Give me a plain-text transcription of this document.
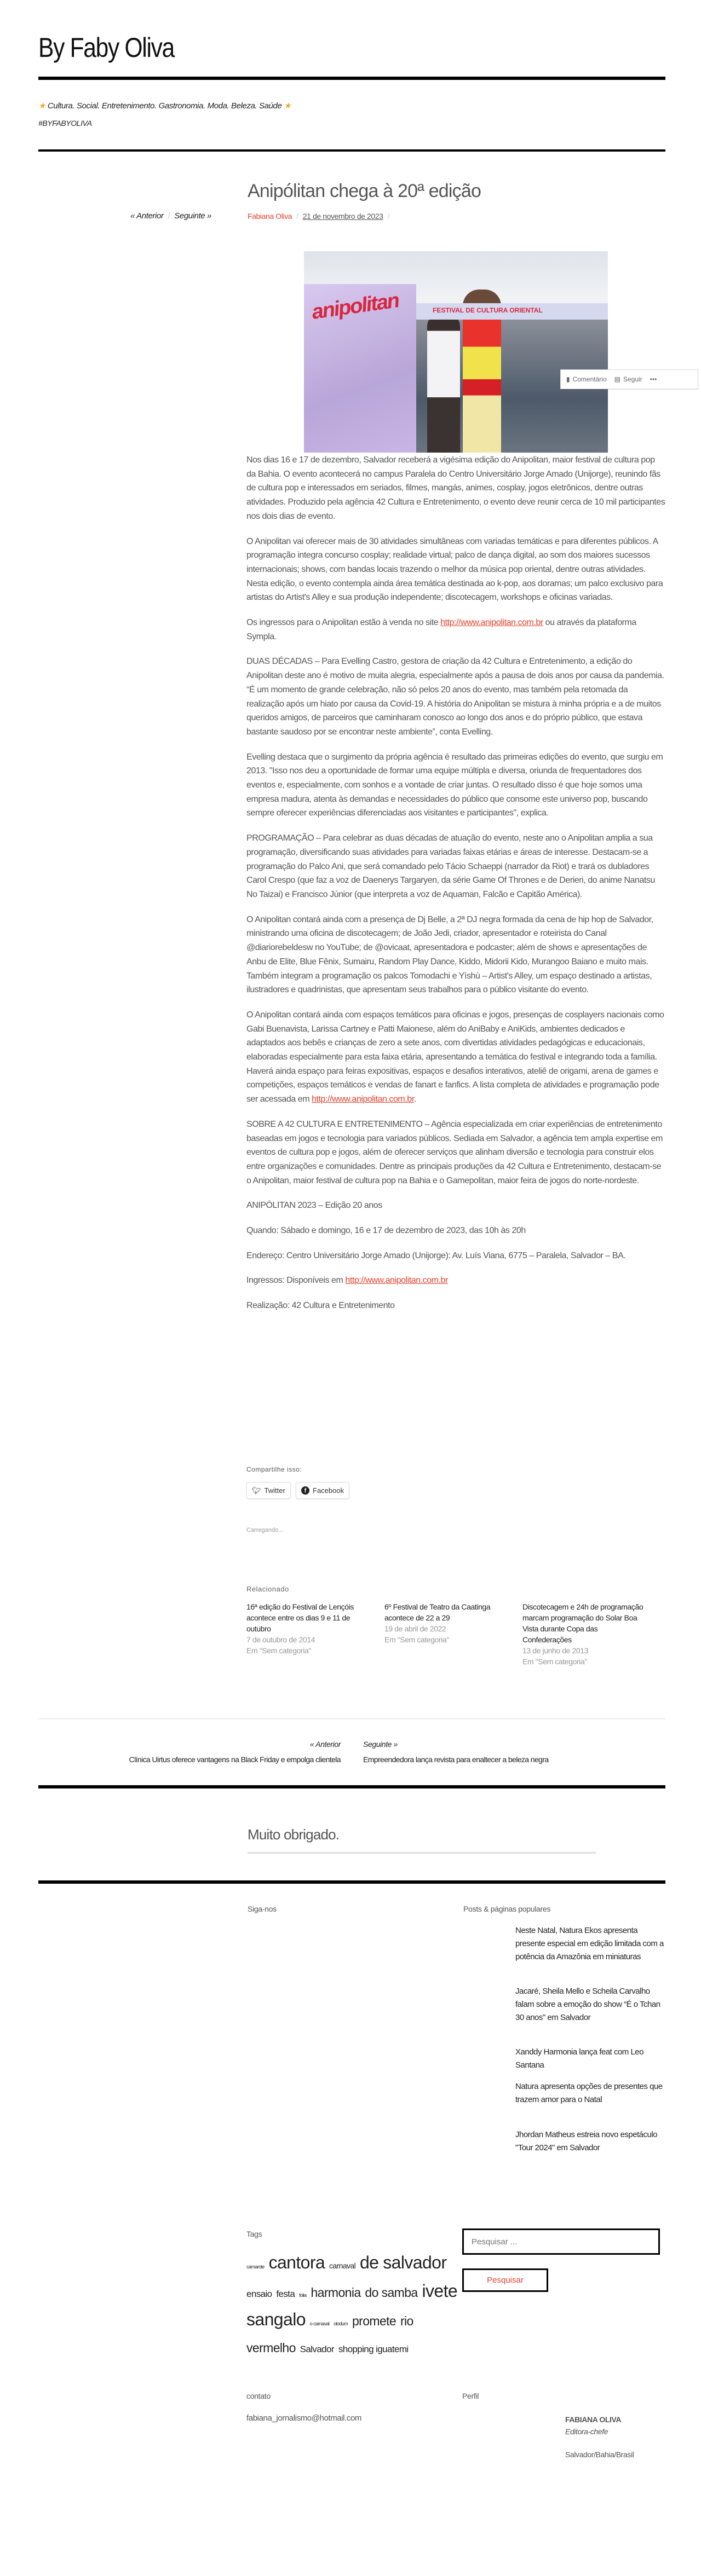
By Faby Oliva
★ Cultura. Social. Entretenimento. Gastronomia. Moda. Beleza. Saúde ★
#BYFABYOLIVA
Anipólitan chega à 20ª edição
« Anterior / Seguinte »	Fabiana Oliva / 21 de novembro de 2023 /
anipolitan	FESTIVAL DE CULTURA ORIENTAL
▮ Comentário ▤ Seguir •••

Nos dias 16 e 17 de dezembro, Salvador receberá a vigésima edição do Anipolitan, maior festival de cultura pop da Bahia. O evento acontecerá no campus Paralela do Centro Universitário Jorge Amado (Unijorge), reunindo fãs de cultura pop e interessados em seriados, filmes, mangás, animes, cosplay, jogos eletrônicos, dentre outras atividades. Produzido pela agência 42 Cultura e Entretenimento, o evento deve reunir cerca de 10 mil participantes nos dois dias de evento.

O Anipolitan vai oferecer mais de 30 atividades simultâneas com variadas temáticas e para diferentes públicos. A programação integra concurso cosplay; realidade virtual; palco de dança digital, ao som dos maiores sucessos internacionais; shows, com bandas locais trazendo o melhor da música pop oriental, dentre outras atividades. Nesta edição, o evento contempla ainda área temática destinada ao k-pop, aos doramas; um palco exclusivo para artistas do Artist's Alley e sua produção independente; discotecagem, workshops e oficinas variadas.

Os ingressos para o Anipolitan estão à venda no site http://www.anipolitan.com.br ou através da plataforma Sympla.

DUAS DÉCADAS – Para Evelling Castro, gestora de criação da 42 Cultura e Entretenimento, a edição do Anipolitan deste ano é motivo de muita alegria, especialmente após a pausa de dois anos por causa da pandemia. “É um momento de grande celebração, não só pelos 20 anos do evento, mas também pela retomada da realização após um hiato por causa da Covid-19. A história do Anipolitan se mistura à minha própria e a de muitos queridos amigos, de parceiros que caminharam conosco ao longo dos anos e do próprio público, que estava bastante saudoso por se encontrar neste ambiente”, conta Evelling.

Evelling destaca que o surgimento da própria agência é resultado das primeiras edições do evento, que surgiu em 2013. "Isso nos deu a oportunidade de formar uma equipe múltipla e diversa, oriunda de frequentadores dos eventos e, especialmente, com sonhos e a vontade de criar juntas. O resultado disso é que hoje somos uma empresa madura, atenta às demandas e necessidades do público que consome este universo pop, buscando sempre oferecer experiências diferenciadas aos visitantes e participantes", explica.

PROGRAMAÇÃO – Para celebrar as duas décadas de atuação do evento, neste ano o Anipolitan amplia a sua programação, diversificando suas atividades para variadas faixas etárias e áreas de interesse. Destacam-se a programação do Palco Ani, que será comandado pelo Tácio Schaeppi (narrador da Riot) e trará os dubladores Carol Crespo (que faz a voz de Daenerys Targaryen, da série Game Of Thrones e de Derieri, do anime Nanatsu No Taizai) e Francisco Júnior (que interpreta a voz de Aquaman, Falcão e Capitão América).

O Anipolitan contará ainda com a presença de Dj Belle, a 2ª DJ negra formada da cena de hip hop de Salvador, ministrando uma oficina de discotecagem; de João Jedi, criador, apresentador e roteirista do Canal @diariorebeldesw no YouTube; de @ovicaat, apresentadora e podcaster; além de shows e apresentações de Anbu de Elite, Blue Fênix, Sumairu, Random Play Dance, Kiddo, Midorii Kido, Murangoo Baiano e muito mais. Também integram a programação os palcos Tomodachi e Yìshù – Artist's Alley, um espaço destinado a artistas, ilustradores e quadrinistas, que apresentam seus trabalhos para o público visitante do evento.

O Anipolitan contará ainda com espaços temáticos para oficinas e jogos, presenças de cosplayers nacionais como Gabi Buenavista, Larissa Cartney e Patti Maionese, além do AniBaby e AniKids, ambientes dedicados e adaptados aos bebês e crianças de zero a sete anos, com divertidas atividades pedagógicas e educacionais, elaboradas especialmente para esta faixa etária, apresentando a temática do festival e integrando toda a família. Haverá ainda espaço para feiras expositivas, espaços e desafios interativos, ateliê de origami, arena de games e competições, espaços temáticos e vendas de fanart e fanfics. A lista completa de atividades e programação pode ser acessada em http://www.anipolitan.com.br.

SOBRE A 42 CULTURA E ENTRETENIMENTO – Agência especializada em criar experiências de entretenimento baseadas em jogos e tecnologia para variados públicos. Sediada em Salvador, a agência tem ampla expertise em eventos de cultura pop e jogos, além de oferecer serviços que alinham diversão e tecnologia para construir elos entre organizações e comunidades. Dentre as principais produções da 42 Cultura e Entretenimento, destacam-se o Anipolitan, maior festival de cultura pop na Bahia e o Gamepolitan, maior feira de jogos do norte-nordeste.

ANIPÓLITAN 2023 – Edição 20 anos

Quando: Sábado e domingo, 16 e 17 de dezembro de 2023, das 10h às 20h

Endereço: Centro Universitário Jorge Amado (Unijorge): Av. Luís Viana, 6775 – Paralela, Salvador – BA.

Ingressos: Disponíveis em http://www.anipolitan.com.br

Realização: 42 Cultura e Entretenimento

Compartilhe isso:
🐦︎ Twitter	f Facebook
Carregando...
Relacionado
16ª edição do Festival de Lençóis acontece entre os dias 9 e 11 de outubro
7 de outubro de 2014
Em "Sem categoria"
6º Festival de Teatro da Caatinga acontece de 22 a 29
19 de abril de 2022
Em "Sem categoria"
Discotecagem e 24h de programação marcam programação do Solar Boa Vista durante Copa das Confederações
13 de junho de 2013
Em "Sem categoria"
« Anterior
Clínica Uirtus oferece vantagens na Black Friday e empolga clientela
Seguinte »
Empreendedora lança revista para enaltecer a beleza negra
Muito obrigado.
Siga-nos	Posts & páginas populares
Neste Natal, Natura Ekos apresenta presente especial em edição limitada com a potência da Amazônia em miniaturas
Jacaré, Sheila Mello e Scheila Carvalho falam sobre a emoção do show “É o Tchan 30 anos" em Salvador
Xanddy Harmonia lança feat com Leo Santana
Natura apresenta opções de presentes que trazem amor para o Natal
Jhordan Matheus estreia novo espetáculo "Tour 2024" em Salvador
Tags
camarote cantora carnaval de salvador ensaio festa folia harmonia do samba ivete sangalo o carnaval olodum promete rio vermelho Salvador shopping iguatemi
Pesquisar ...
Pesquisar
contato
fabiana_jornalismo@hotmail.com
Perfil
FABIANA OLIVA
Editora-chefe
Salvador/Bahia/Brasil
